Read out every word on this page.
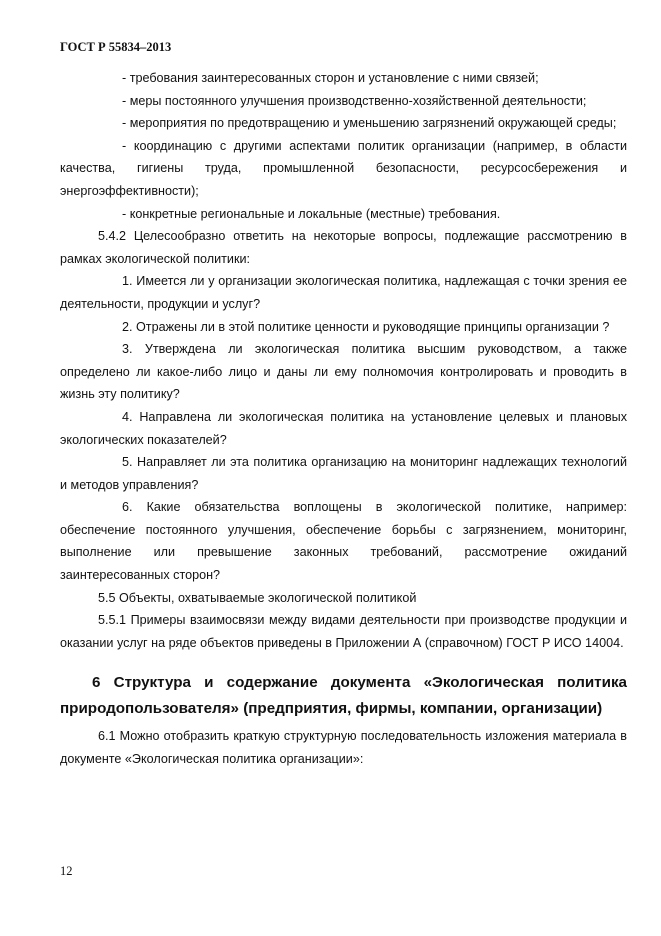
ГОСТ Р 55834–2013

- требования заинтересованных сторон и установление с ними связей;

- меры постоянного улучшения производственно-хозяйственной деятельности;

- мероприятия по предотвращению и уменьшению загрязнений окружающей среды;

- координацию с другими аспектами политик организации (например, в области качества, гигиены труда, промышленной безопасности, ресурсосбережения и энергоэффективности);

- конкретные региональные и локальные (местные) требования.

5.4.2 Целесообразно ответить на некоторые вопросы, подлежащие рассмотрению в рамках экологической политики:

1. Имеется ли у организации экологическая политика, надлежащая с точки зрения ее деятельности, продукции и услуг?

2. Отражены ли в этой политике ценности и руководящие принципы организации ?

3. Утверждена ли экологическая политика высшим руководством, а также определено ли какое-либо лицо и даны ли ему полномочия контролировать и проводить в жизнь эту политику?

4. Направлена ли экологическая политика на установление целевых и плановых экологических показателей?

5. Направляет ли эта политика организацию на мониторинг надлежащих технологий и методов управления?

6. Какие обязательства воплощены в экологической политике, например: обеспечение постоянного улучшения, обеспечение борьбы с загрязнением, мониторинг, выполнение или превышение законных требований, рассмотрение ожиданий заинтересованных сторон?

5.5 Объекты, охватываемые экологической политикой

5.5.1 Примеры взаимосвязи между видами деятельности при производстве продукции и оказании услуг на ряде объектов приведены в Приложении А (справочном) ГОСТ Р ИСО 14004.

6 Структура и содержание документа «Экологическая политика природопользователя» (предприятия, фирмы, компании, организации)

6.1 Можно отобразить краткую структурную последовательность изложения материала в документе «Экологическая политика организации»:

12
